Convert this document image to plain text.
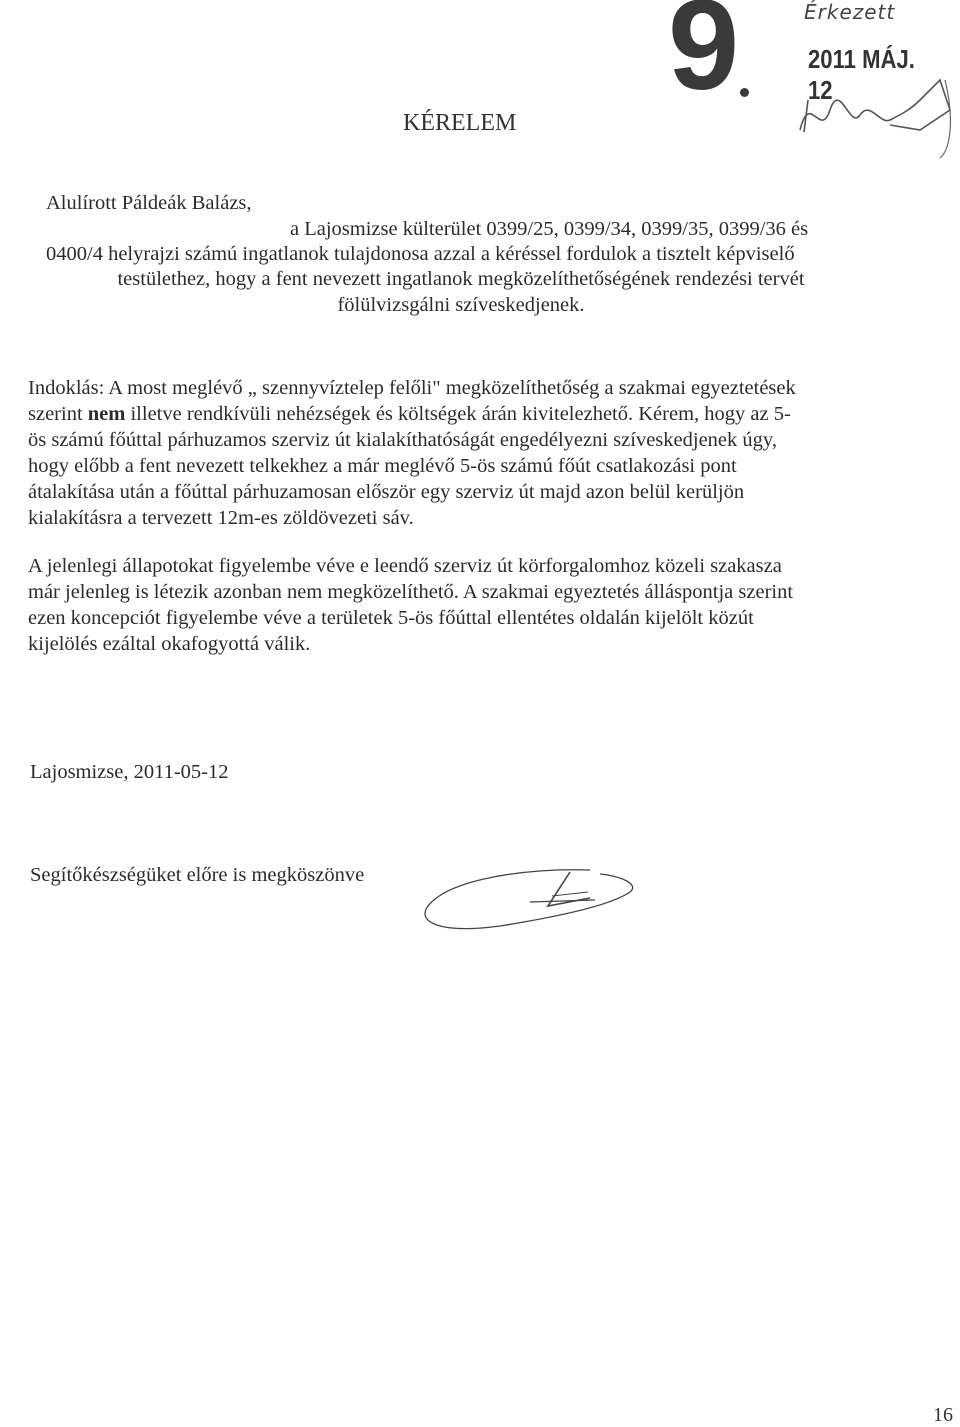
9	Érkezett
2011 MÁJ. 12
KÉRELEM
Alulírott Páldeák Balázs,
a Lajosmizse külterület 0399/25, 0399/34, 0399/35, 0399/36 és
0400/4 helyrajzi számú ingatlanok tulajdonosa azzal a kéréssel fordulok a tisztelt képviselő
testülethez, hogy a fent nevezett ingatlanok megközelíthetőségének rendezési tervét
fölülvizsgálni szíveskedjenek.
Indoklás: A most meglévő „ szennyvíztelep felőli" megközelíthetőség a szakmai egyeztetések
szerint nem illetve rendkívüli nehézségek és költségek árán kivitelezhető. Kérem, hogy az 5-
ös számú főúttal párhuzamos szerviz út kialakíthatóságát engedélyezni szíveskedjenek úgy,
hogy előbb a fent nevezett telkekhez a már meglévő 5-ös számú főút csatlakozási pont
átalakítása után a főúttal párhuzamosan először egy szerviz út majd azon belül kerüljön
kialakításra a tervezett 12m-es zöldövezeti sáv.
A jelenlegi állapotokat figyelembe véve e leendő szerviz út körforgalomhoz közeli szakasza
már jelenleg is létezik azonban nem megközelíthető. A szakmai egyeztetés álláspontja szerint
ezen koncepciót figyelembe véve a területek 5-ös főúttal ellentétes oldalán kijelölt közút
kijelölés ezáltal okafogyottá válik.
Lajosmizse, 2011-05-12
Segítőkészségüket előre is megköszönve
16
